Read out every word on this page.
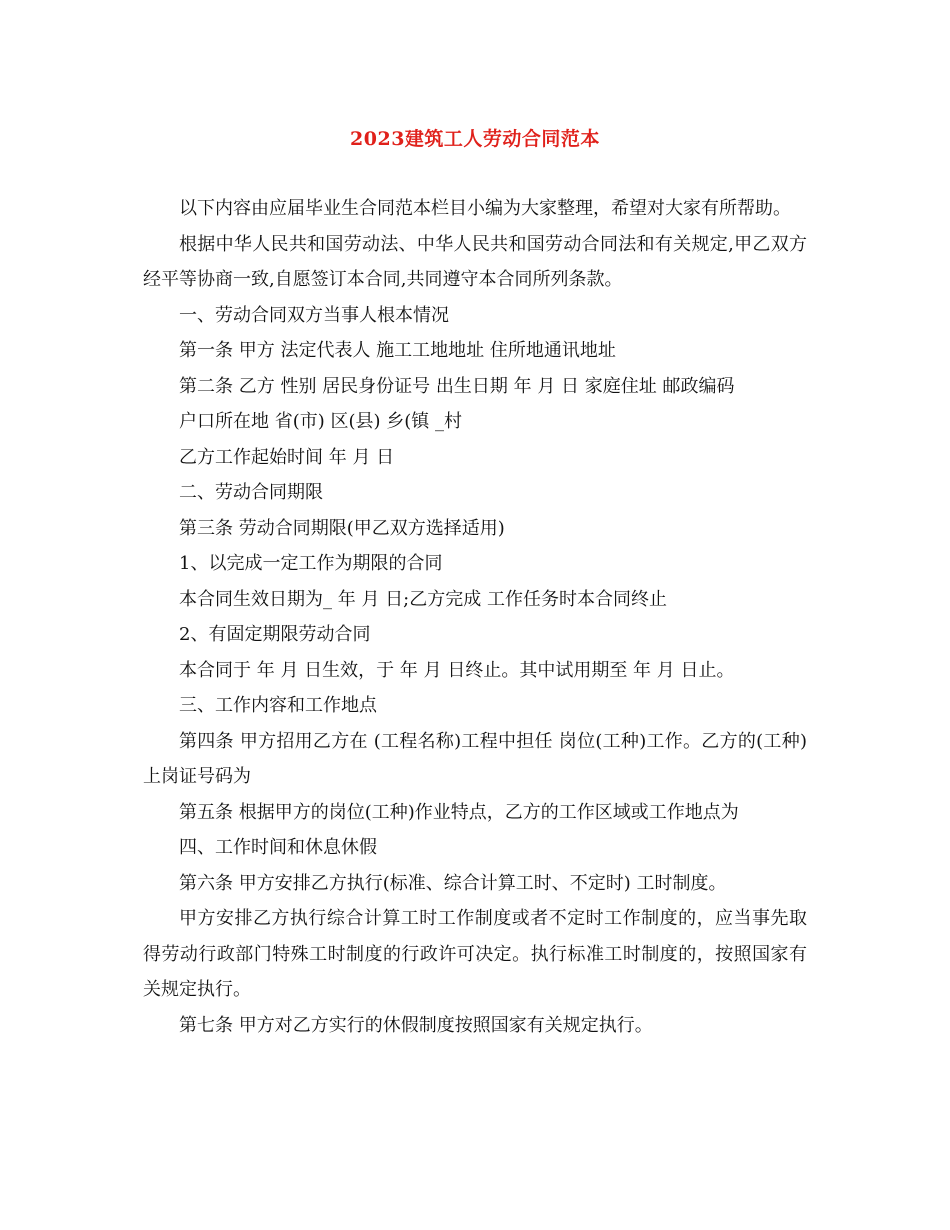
2023建筑工人劳动合同范本

以下内容由应届毕业生合同范本栏目小编为大家整理，希望对大家有所帮助。

根据中华人民共和国劳动法、中华人民共和国劳动合同法和有关规定,甲乙双方经平等协商一致,自愿签订本合同,共同遵守本合同所列条款。

一、劳动合同双方当事人根本情况

第一条 甲方 法定代表人 施工工地地址 住所地通讯地址

第二条 乙方 性别 居民身份证号 出生日期 年 月 日 家庭住址 邮政编码

户口所在地 省(市) 区(县) 乡(镇 _村

乙方工作起始时间 年 月 日

二、劳动合同期限

第三条 劳动合同期限(甲乙双方选择适用)

1、以完成一定工作为期限的合同

本合同生效日期为_ 年 月 日;乙方完成 工作任务时本合同终止

2、有固定期限劳动合同

本合同于 年 月 日生效，于 年 月 日终止。其中试用期至 年 月 日止。

三、工作内容和工作地点

第四条 甲方招用乙方在 (工程名称)工程中担任 岗位(工种)工作。乙方的(工种)上岗证号码为

第五条 根据甲方的岗位(工种)作业特点，乙方的工作区域或工作地点为

四、工作时间和休息休假

第六条 甲方安排乙方执行(标准、综合计算工时、不定时) 工时制度。

甲方安排乙方执行综合计算工时工作制度或者不定时工作制度的，应当事先取得劳动行政部门特殊工时制度的行政许可决定。执行标准工时制度的，按照国家有关规定执行。

第七条 甲方对乙方实行的休假制度按照国家有关规定执行。
